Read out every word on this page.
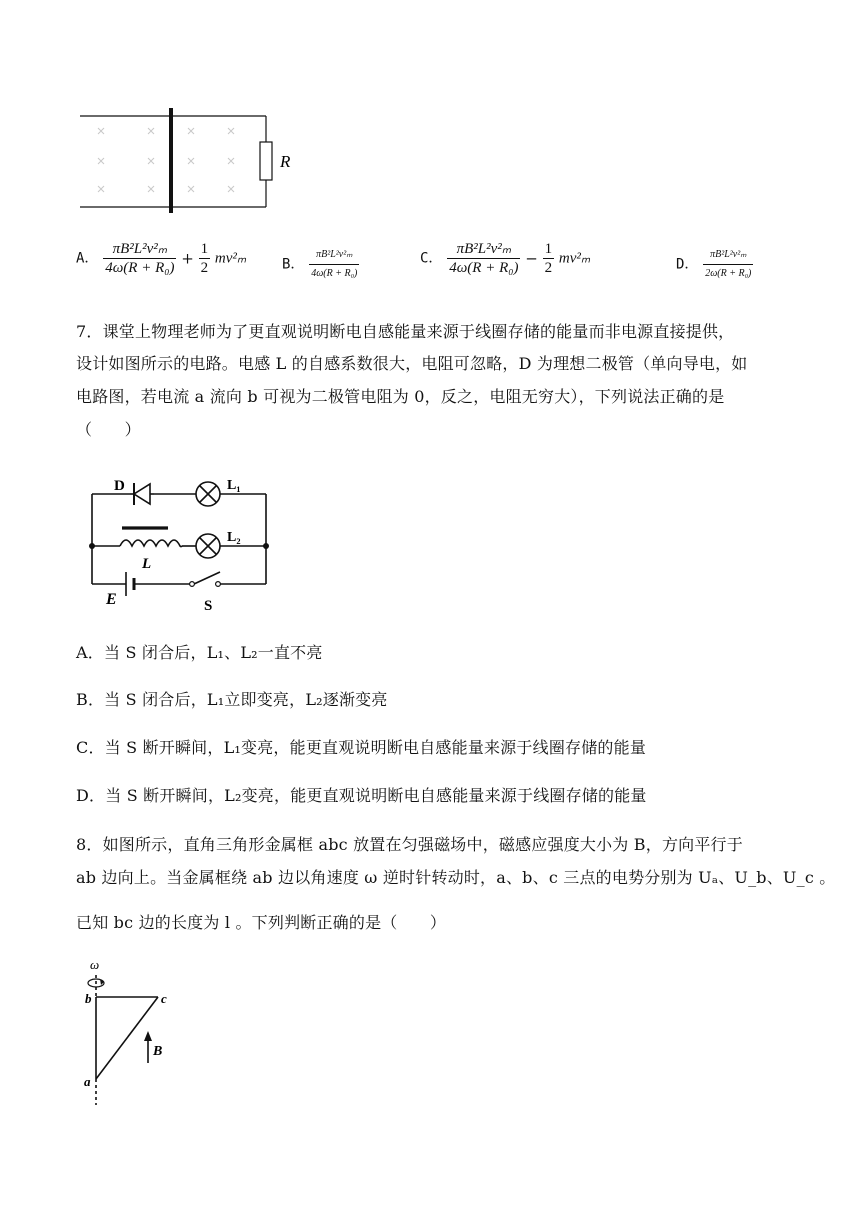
R
A． $\frac{\text{πB²L²v²ₘ}}{\text{4ω(R + R₀)}} + \frac{1}{2} mv^2_m$	B． $\frac{\text{πB²L²v²ₘ}}{\text{4ω(R + R₀)}}$	C． $\frac{\text{πB²L²v²ₘ}}{\text{4ω(R + R₀)}} - \frac{1}{2} mv^2_m$	D． $\frac{\text{πB²L²v²ₘ}}{\text{2ω(R + R₀)}}$
7．课堂上物理老师为了更直观说明断电自感能量来源于线圈存储的能量而非电源直接提供，
设计如图所示的电路。电感 L 的自感系数很大，电阻可忽略，D 为理想二极管（单向导电，如
电路图，若电流 a 流向 b 可视为二极管电阻为 0，反之，电阻无穷大），下列说法正确的是
（　　）
D	L₁
L₂
L
E	S
A．当 S 闭合后，L₁、L₂一直不亮
B．当 S 闭合后，L₁立即变亮，L₂逐渐变亮
C．当 S 断开瞬间，L₁变亮，能更直观说明断电自感能量来源于线圈存储的能量
D．当 S 断开瞬间，L₂变亮，能更直观说明断电自感能量来源于线圈存储的能量
8．如图所示，直角三角形金属框 abc 放置在匀强磁场中，磁感应强度大小为 B，方向平行于
ab 边向上。当金属框绕 ab 边以角速度 ω 逆时针转动时，a、b、c 三点的电势分别为 Uₐ、U_b、U_c 。
已知 bc 边的长度为 l 。下列判断正确的是（　　）
ω
b	c
a
B
